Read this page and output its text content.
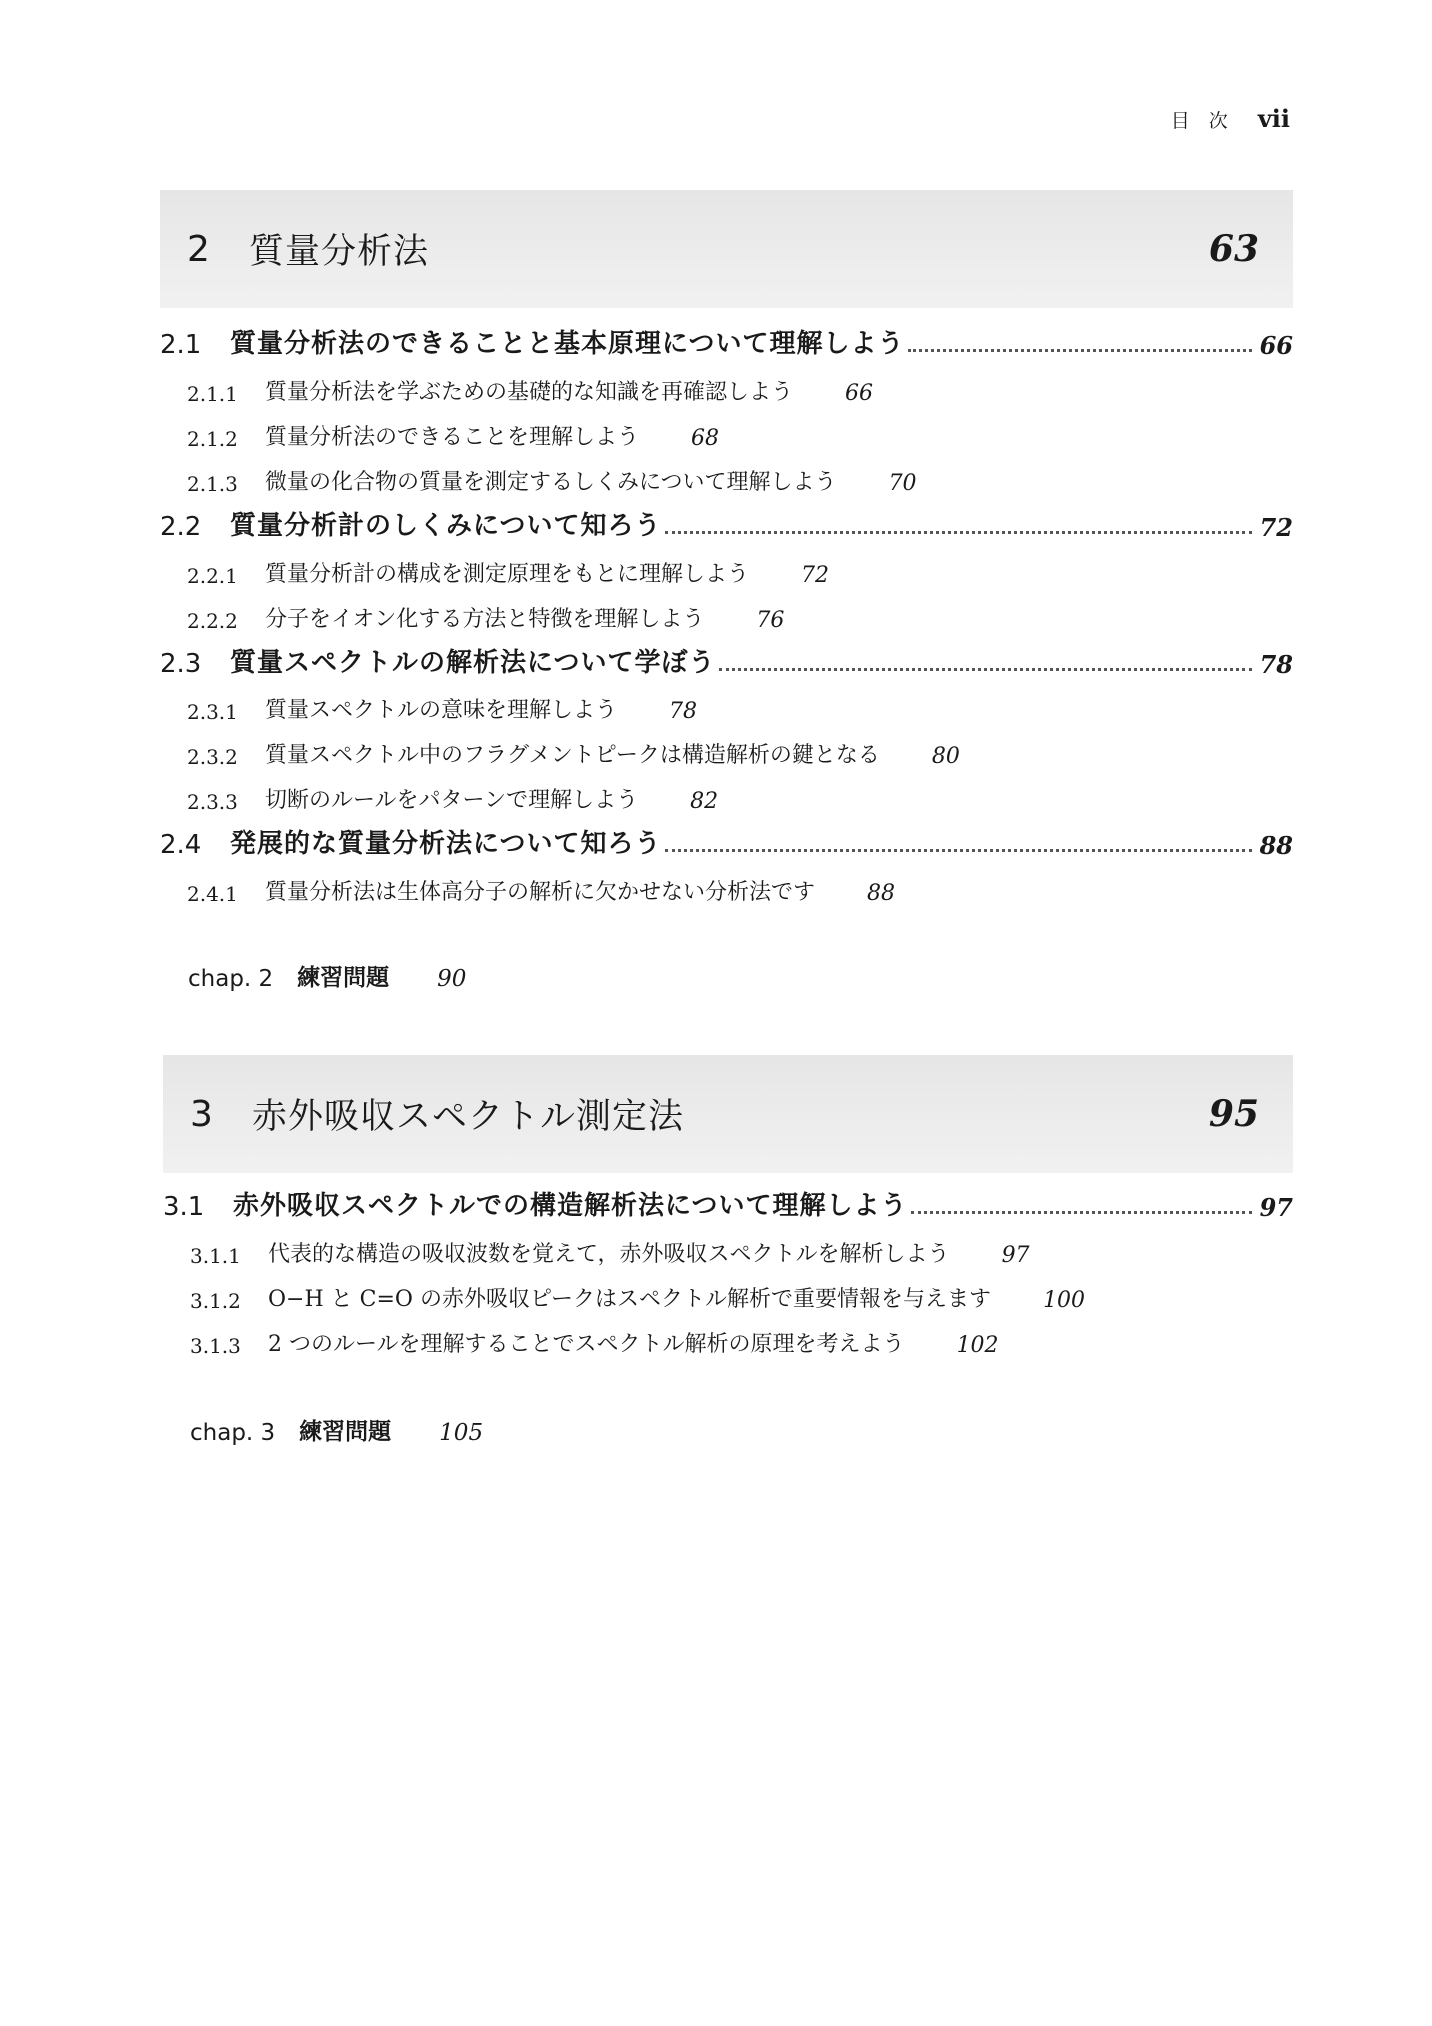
目　次 vii
2	質量分析法	63
2.1	質量分析法のできることと基本原理について理解しよう	66
2.1.1	質量分析法を学ぶための基礎的な知識を再確認しよう 66
2.1.2	質量分析法のできることを理解しよう 68
2.1.3	微量の化合物の質量を測定するしくみについて理解しよう 70
2.2	質量分析計のしくみについて知ろう	72
2.2.1	質量分析計の構成を測定原理をもとに理解しよう 72
2.2.2	分子をイオン化する方法と特徴を理解しよう 76
2.3	質量スペクトルの解析法について学ぼう	78
2.3.1	質量スペクトルの意味を理解しよう 78
2.3.2	質量スペクトル中のフラグメントピークは構造解析の鍵となる 80
2.3.3	切断のルールをパターンで理解しよう 82
2.4	発展的な質量分析法について知ろう	88
2.4.1	質量分析法は生体高分子の解析に欠かせない分析法です 88
chap. 2 練習問題 90
3	赤外吸収スペクトル測定法	95
3.1	赤外吸収スペクトルでの構造解析法について理解しよう	97
3.1.1	代表的な構造の吸収波数を覚えて，赤外吸収スペクトルを解析しよう 97
3.1.2	O−H と C=O の赤外吸収ピークはスペクトル解析で重要情報を与えます 100
3.1.3	2 つのルールを理解することでスペクトル解析の原理を考えよう 102
chap. 3 練習問題 105
